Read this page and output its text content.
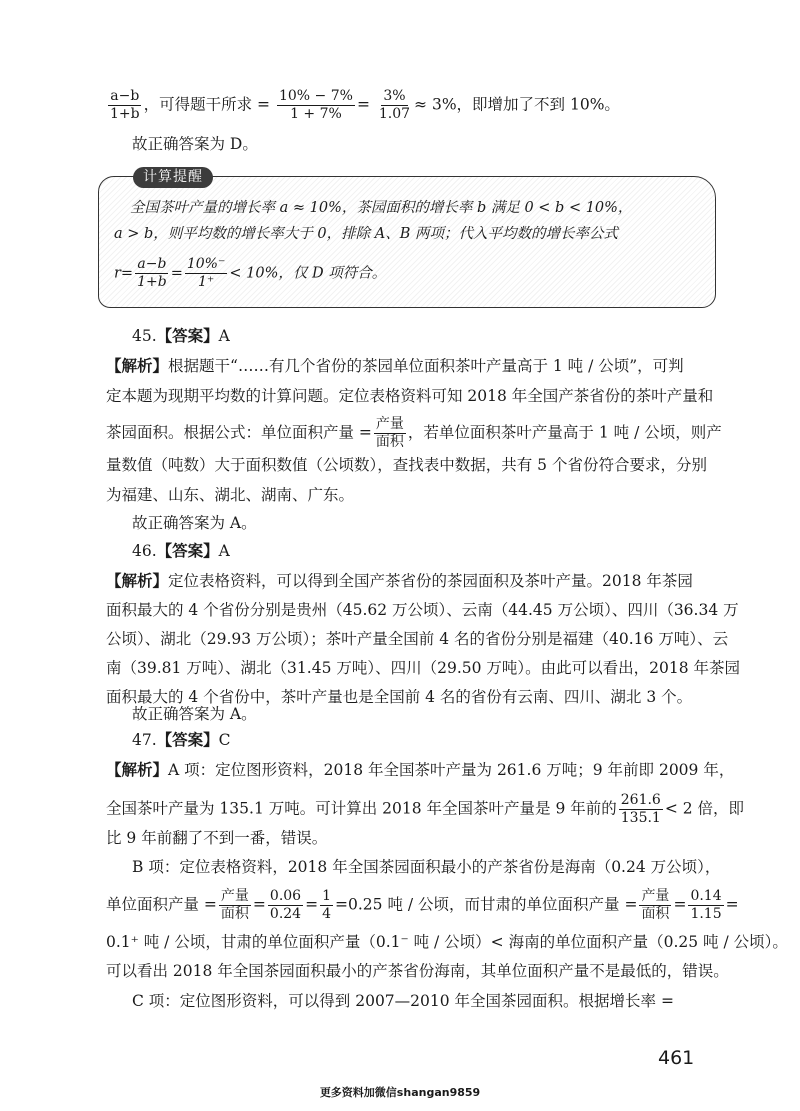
$\frac{a-b}{1+b}$ ，可得题干所求 = $\frac{10\% - 7\%}{1 + 7\%} = \frac{3\%}{1.07} \approx 3\%$，即增加了不到 10%。
故正确答案为 D。
计算提醒
全国茶叶产量的增长率 a ≈ 10%，茶园面积的增长率 b 满足 0 < b < 10%，
a > b，则平均数的增长率大于 0，排除 A、B 两项；代入平均数的增长率公式
$r= \frac{a-b}{1+b} = \frac{10\%^-}{1^+} < 10\%$，仅 D 项符合。
45.【答案】A
【解析】根据题干“……有几个省份的茶园单位面积茶叶产量高于 1 吨 / 公顷”，可判
定本题为现期平均数的计算问题。定位表格资料可知 2018 年全国产茶省份的茶叶产量和
茶园面积。根据公式：单位面积产量 = $\frac{\text{产量}}{\text{面积}}$ ，若单位面积茶叶产量高于 1 吨 / 公顷，则产
量数值（吨数）大于面积数值（公顷数），查找表中数据，共有 5 个省份符合要求，分别
为福建、山东、湖北、湖南、广东。
故正确答案为 A。
46.【答案】A
【解析】定位表格资料，可以得到全国产茶省份的茶园面积及茶叶产量。2018 年茶园
面积最大的 4 个省份分别是贵州（45.62 万公顷）、云南（44.45 万公顷）、四川（36.34 万
公顷）、湖北（29.93 万公顷）；茶叶产量全国前 4 名的省份分别是福建（40.16 万吨）、云
南（39.81 万吨）、湖北（31.45 万吨）、四川（29.50 万吨）。由此可以看出，2018 年茶园
面积最大的 4 个省份中，茶叶产量也是全国前 4 名的省份有云南、四川、湖北 3 个。
故正确答案为 A。
47.【答案】C
【解析】A 项：定位图形资料，2018 年全国茶叶产量为 261.6 万吨；9 年前即 2009 年，
全国茶叶产量为 135.1 万吨。可计算出 2018 年全国茶叶产量是 9 年前的 $\frac{261.6}{135.1} < 2$ 倍，即
比 9 年前翻了不到一番，错误。
B 项：定位表格资料，2018 年全国茶园面积最小的产茶省份是海南（0.24 万公顷），
单位面积产量 = $\frac{\text{产量}}{\text{面积}} = \frac{0.06}{0.24} = \frac{1}{4} =0.25$ 吨 / 公顷，而甘肃的单位面积产量 = $\frac{\text{产量}}{\text{面积}} = \frac{0.14}{1.15}$ =
0.1⁺ 吨 / 公顷，甘肃的单位面积产量（0.1⁻ 吨 / 公顷）< 海南的单位面积产量（0.25 吨 / 公顷）。
可以看出 2018 年全国茶园面积最小的产茶省份海南，其单位面积产量不是最低的，错误。
C 项：定位图形资料，可以得到 2007—2010 年全国茶园面积。根据增长率 =
461
更多资料加微信shangan9859
